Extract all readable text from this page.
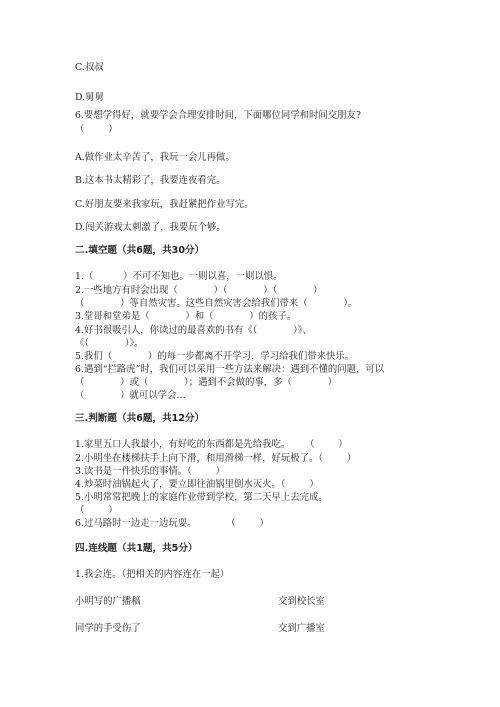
C.叔叔
D.舅舅
6.要想学得好，就要学会合理安排时间，下面哪位同学和时间交朋友?
（        ）
A.做作业太辛苦了，我玩一会儿再做。
B.这本书太精彩了，我要连夜看完。
C.好朋友要来我家玩，我赶紧把作业写完。
D.闯关游戏太刺激了，我要玩个够。
二.填空题（共6题，共30分）
1.（          ）不可不知也。一则以喜，一则以惧。
2.一些地方有时会出现（            ）（            ）（            ）
（            ）等自然灾害。这些自然灾害会给我们带来（            ）。
3.堂哥和堂弟是（            ）和（            ）的孩子。
4.好书很吸引人，你读过的最喜欢的书有《（            ）》、
《（            ）》。
5.我们（            ）的每一步都离不开学习，学习给我们带来快乐。
6.遇到“拦路虎”时，我们可以采用一些方法来解决：遇到不懂的问题，可以
（            ）或（            ）；遇到不会做的事，多（            ）
（            ）就可以学会…
三.判断题（共6题，共12分）
1.家里五口人我最小，有好吃的东西都是先给我吃。     （        ）
2.小明坐在楼梯扶手上向下滑，和用滑梯一样，好玩极了。（        ）
3.读书是一件快乐的事情。（        ）
4.炒菜时油锅起火了，要立即往油锅里倒水灭火。（        ）
5.小明常常把晚上的家庭作业带到学校，第二天早上去完成。
（        ）
6.过马路时一边走一边玩耍。          （        ）
四.连线题（共1题，共5分）
1.我会连。（把相关的内容连在一起）
小明写的广播稿	交到校长室
同学的手受伤了	交到广播室
